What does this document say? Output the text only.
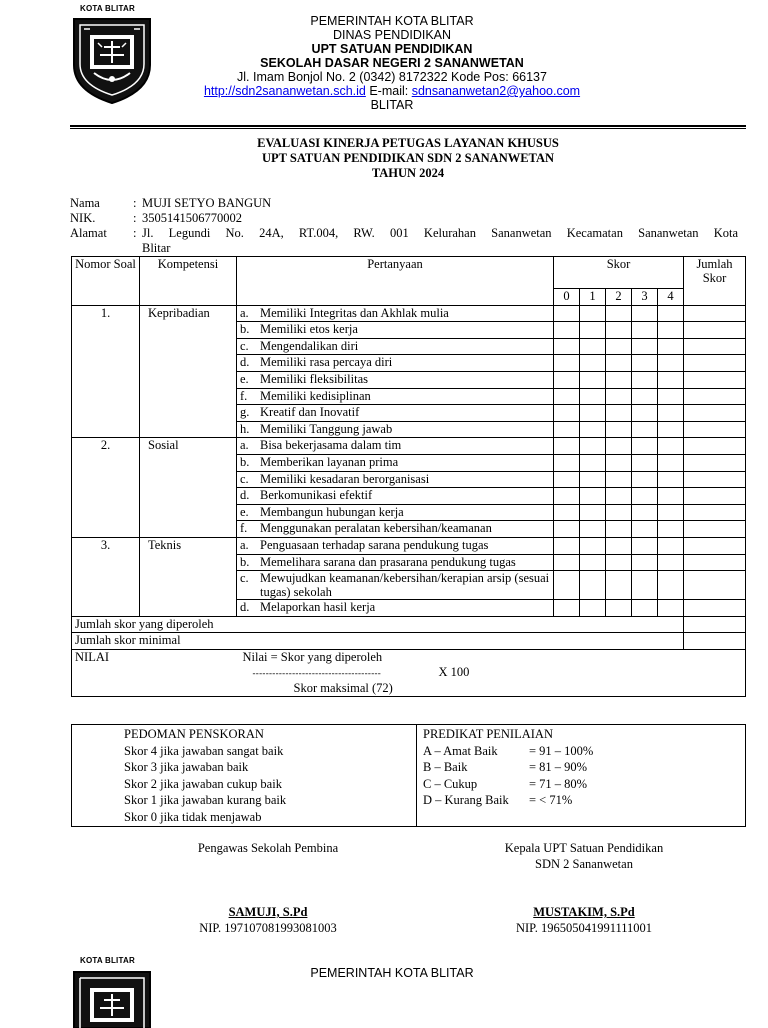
KOTA BLITAR
PEMERINTAH KOTA BLITAR
DINAS PENDIDIKAN
UPT SATUAN PENDIDIKAN
SEKOLAH DASAR NEGERI 2 SANANWETAN
Jl. Imam Bonjol No. 2 (0342) 8172322 Kode Pos: 66137
http://sdn2sananwetan.sch.id E-mail: sdnsananwetan2@yahoo.com
BLITAR
EVALUASI KINERJA PETUGAS LAYANAN KHUSUS
UPT SATUAN PENDIDIKAN SDN 2 SANANWETAN
TAHUN 2024
Nama	: MUJI SETYO BANGUN
NIK.	: 3505141506770002
Alamat : Jl. Legundi No. 24A, RT.004, RW. 001 Kelurahan Sananwetan Kecamatan Sananwetan Kota
Blitar
Nomor Soal	Kompetensi	Pertanyaan	Skor					Jumlah Skor
			0	1	2	3	4	
1.	Kepribadian	a. Memiliki Integritas dan Akhlak mulia						

		b. Memiliki etos kerja						

		c. Mengendalikan diri						

		d. Memiliki rasa percaya diri						

		e. Memiliki fleksibilitas						

		f. Memiliki kedisiplinan						

		g. Kreatif dan Inovatif						

		h. Memiliki Tanggung jawab						

2.	Sosial	a. Bisa bekerjasama dalam tim						

		b. Memberikan layanan prima						

		c. Memiliki kesadaran berorganisasi						

		d. Berkomunikasi efektif						

		e. Membangun hubungan kerja						

		f. Menggunakan peralatan kebersihan/keamanan						

3.	Teknis	a. Penguasaan terhadap sarana pendukung tugas						

		b. Memelihara sarana dan prasarana pendukung tugas						

		c. Mewujudkan keamanan/kebersihan/kerapian arsip (sesuai tugas) sekolah						

		d. Melaporkan hasil kerja						

Jumlah skor yang diperoleh								
Jumlah skor minimal								
NILAI		Nilai = Skor yang diperoleh
--------------------------------------- X 100
Skor maksimal (72)						
PEDOMAN PENSKORAN
Skor 4 jika jawaban sangat baik
Skor 3 jika jawaban baik
Skor 2 jika jawaban cukup baik
Skor 1 jika jawaban kurang baik
Skor 0 jika tidak menjawab

PREDIKAT PENILAIAN
A – Amat Baik	= 91 – 100%
B – Baik	= 81 – 90%
C – Cukup	= 71 – 80%
D – Kurang Baik	= < 71%
Pengawas Sekolah Pembina
SAMUJI, S.Pd
NIP. 197107081993081003
Kepala UPT Satuan Pendidikan
SDN 2 Sananwetan
MUSTAKIM, S.Pd
NIP. 196505041991111001
KOTA BLITAR
PEMERINTAH KOTA BLITAR
